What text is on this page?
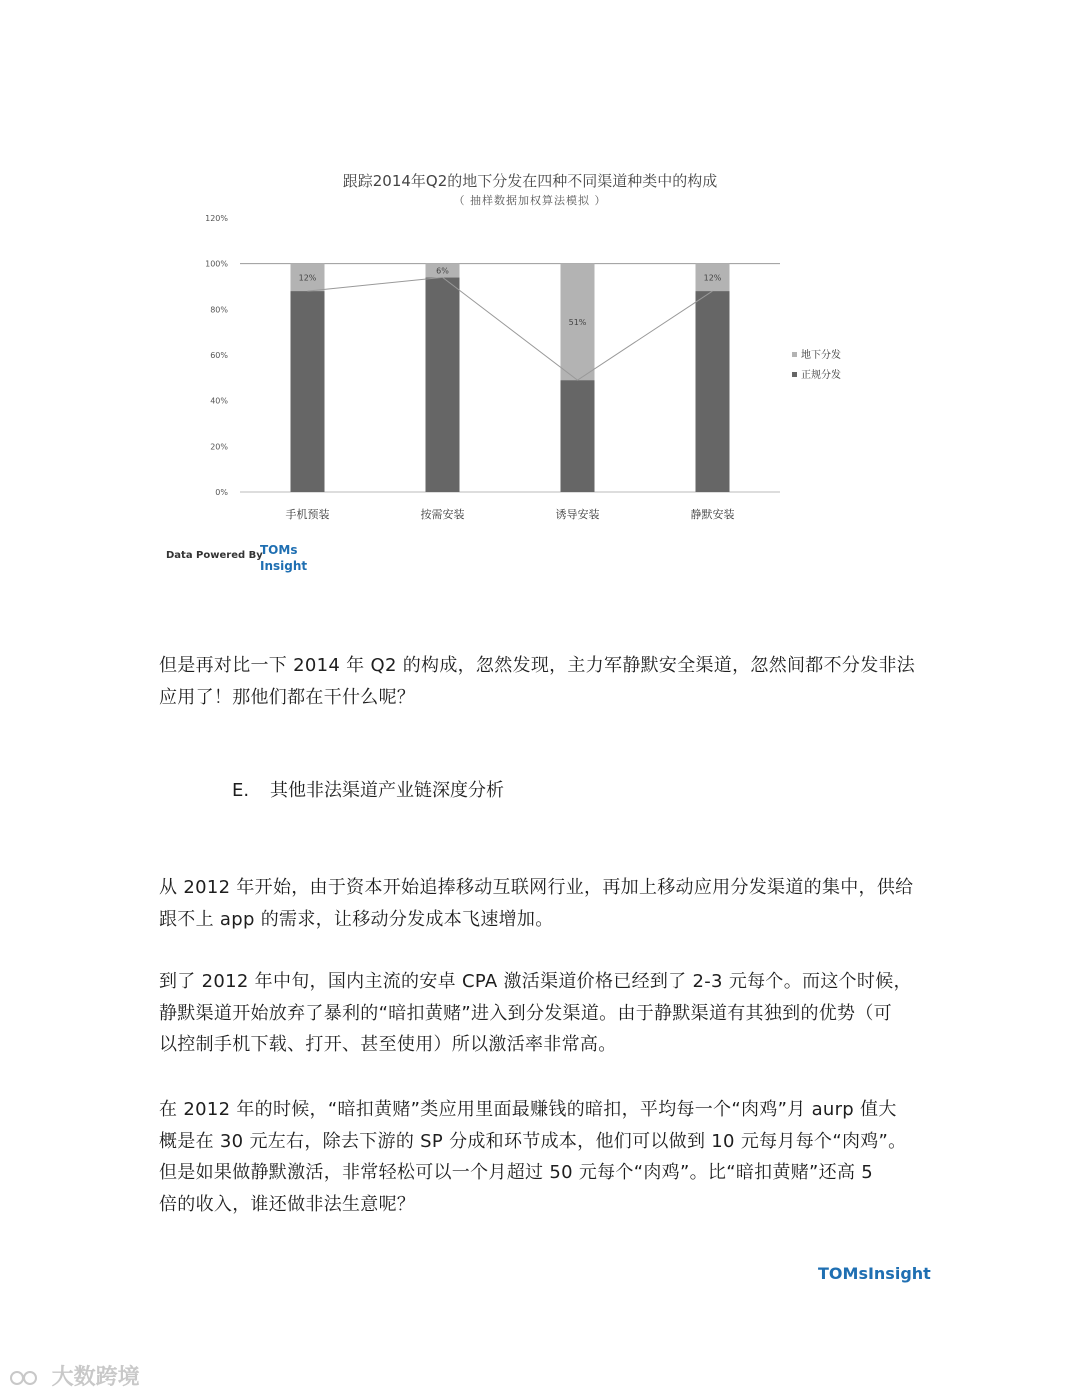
0%
20%
40%
60%
80%
100%
120%
12%
手机预装
6%
按需安装
51%
诱导安装
12%
静默安装
地下分发
正规分发
跟踪2014年Q2的地下分发在四种不同渠道种类中的构成
（ 抽样数据加权算法模拟 ）
Data Powered By
TOMs
Insight
但是再对比一下 2014 年 Q2 的构成，忽然发现，主力军静默安全渠道，忽然间都不分发非法
应用了！那他们都在干什么呢？
E. 其他非法渠道产业链深度分析
从 2012 年开始，由于资本开始追捧移动互联网行业，再加上移动应用分发渠道的集中，供给
跟不上 app 的需求，让移动分发成本飞速增加。
到了 2012 年中旬，国内主流的安卓 CPA 激活渠道价格已经到了 2-3 元每个。而这个时候，
静默渠道开始放弃了暴利的“暗扣黄赌”进入到分发渠道。由于静默渠道有其独到的优势（可
以控制手机下载、打开、甚至使用）所以激活率非常高。
在 2012 年的时候，“暗扣黄赌”类应用里面最赚钱的暗扣，平均每一个“肉鸡”月 aurp 值大
概是在 30 元左右，除去下游的 SP 分成和环节成本，他们可以做到 10 元每月每个“肉鸡”。
但是如果做静默激活，非常轻松可以一个月超过 50 元每个“肉鸡”。比“暗扣黄赌”还高 5
倍的收入，谁还做非法生意呢？
TOMsInsight
大数跨境
